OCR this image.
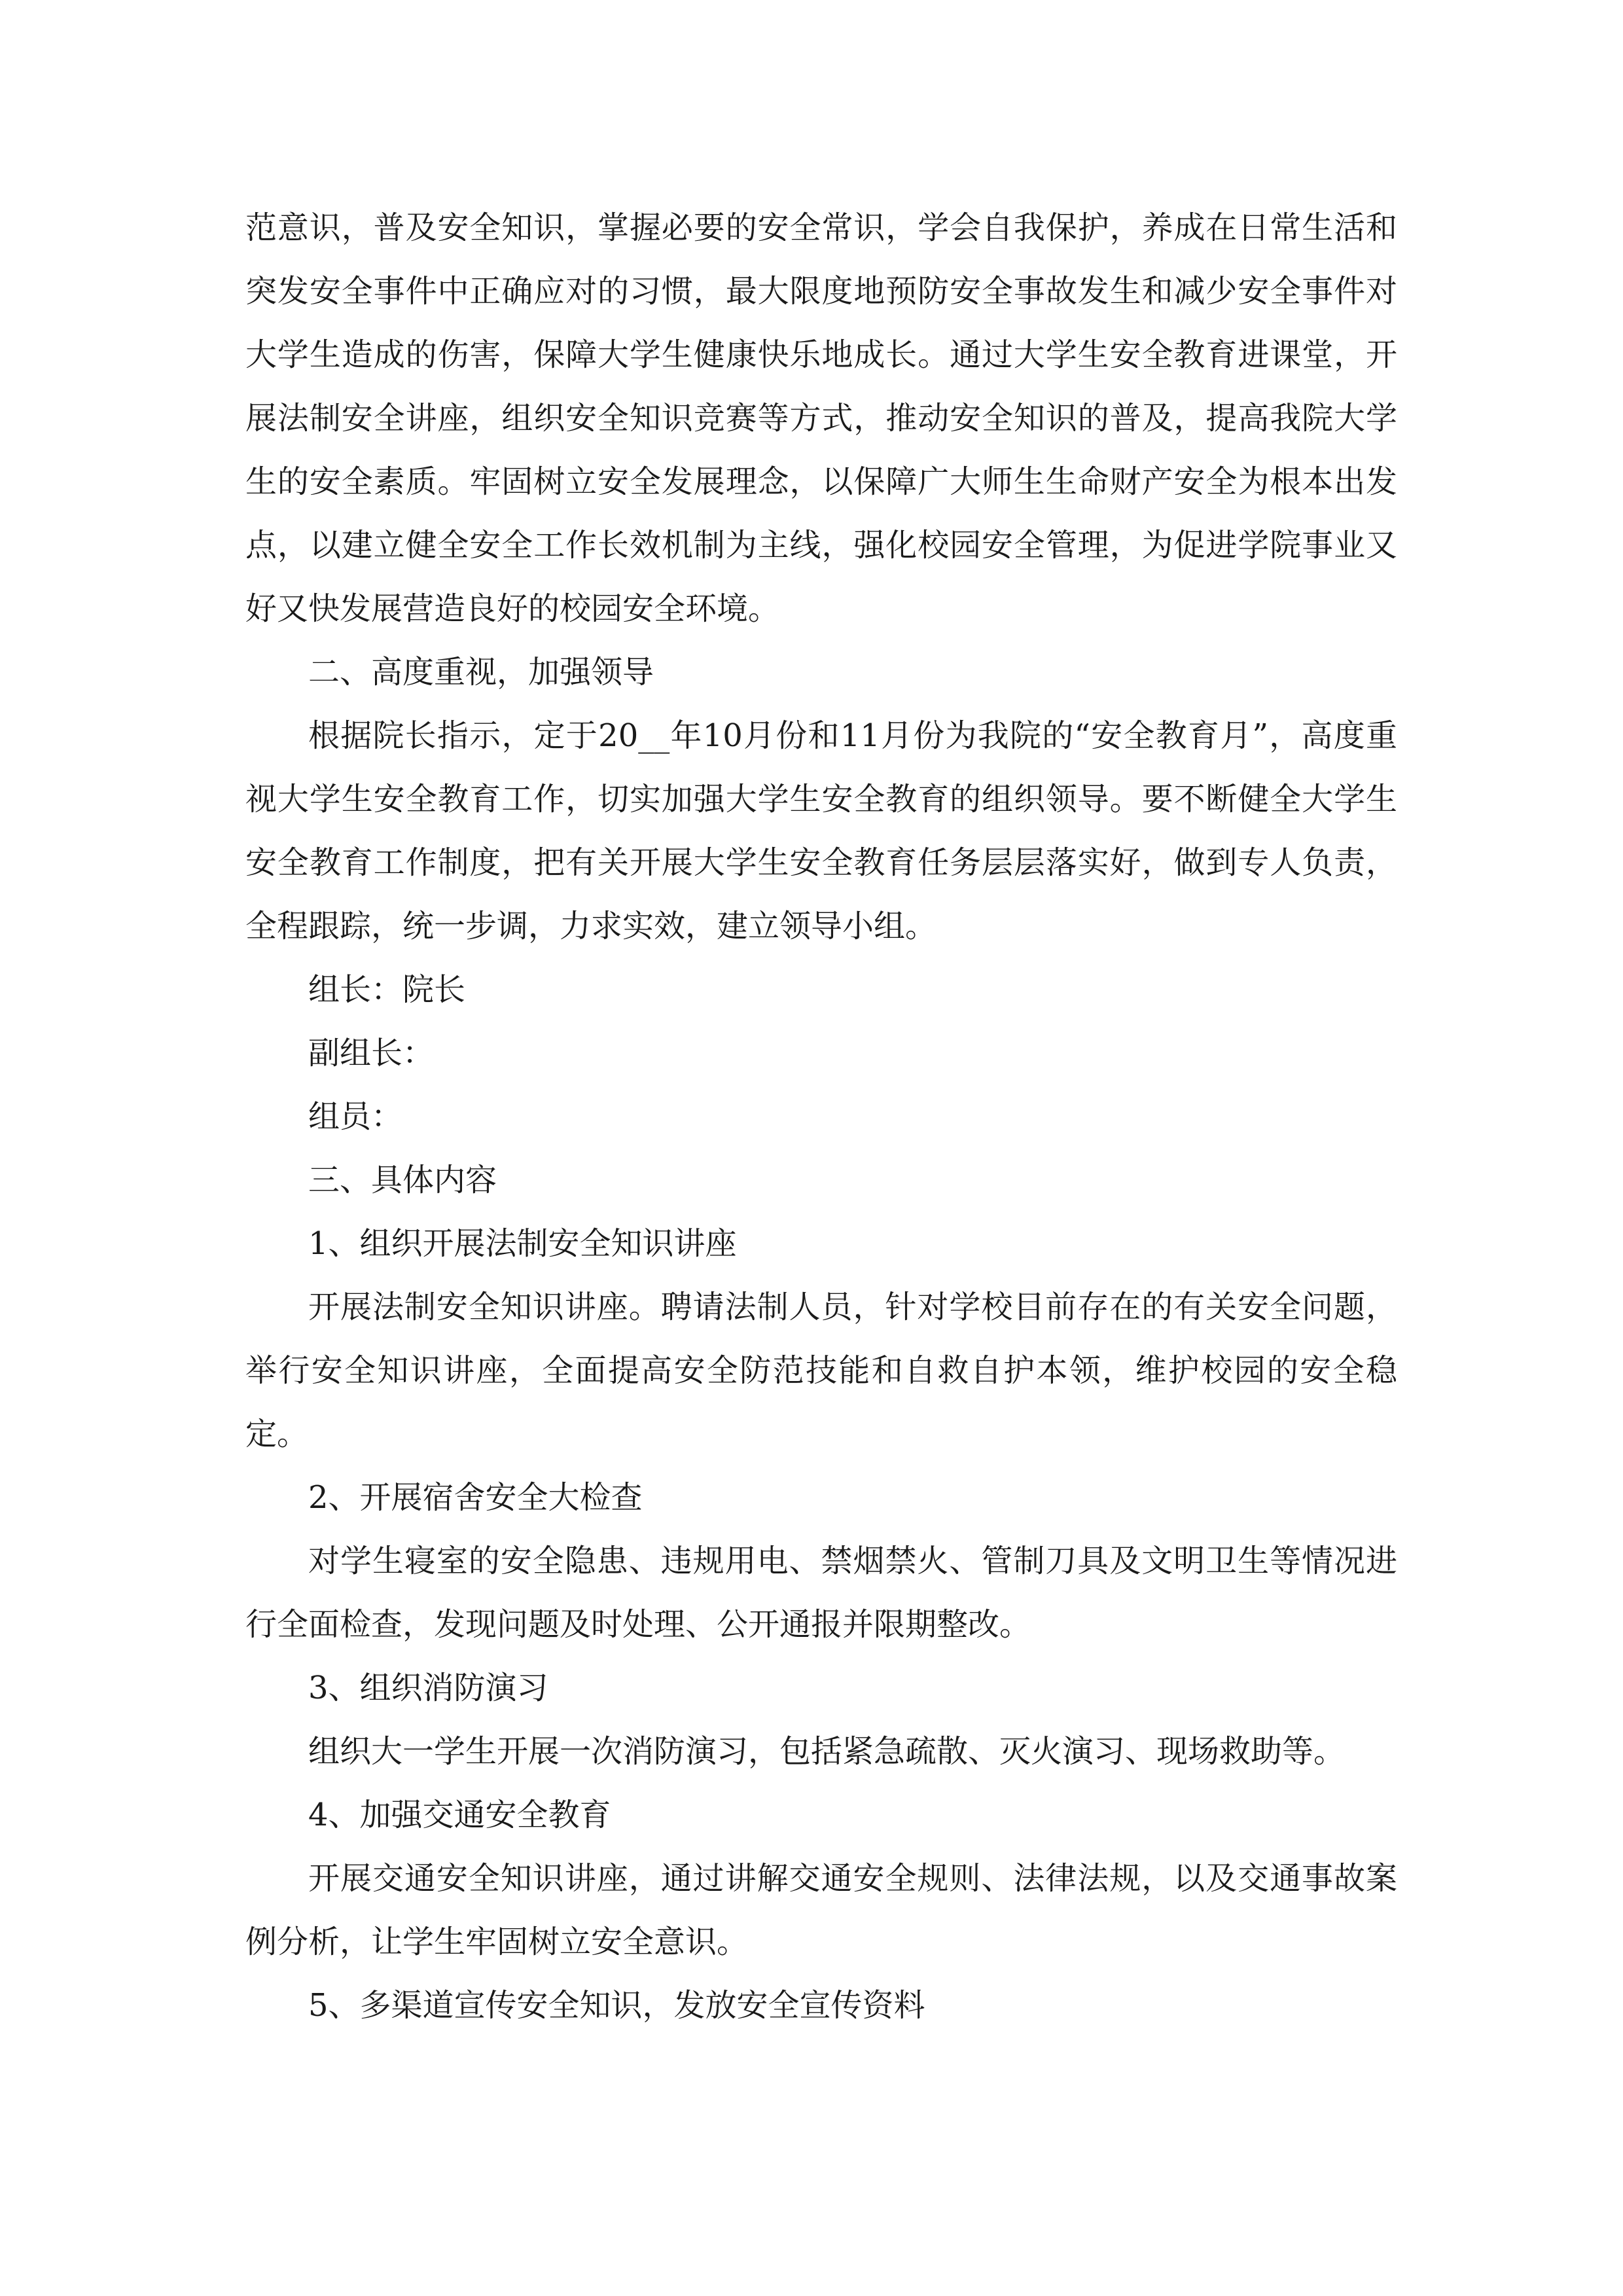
范意识，普及安全知识，掌握必要的安全常识，学会自我保护，养成在日常生活和突发安全事件中正确应对的习惯，最大限度地预防安全事故发生和减少安全事件对大学生造成的伤害，保障大学生健康快乐地成长。通过大学生安全教育进课堂，开展法制安全讲座，组织安全知识竞赛等方式，推动安全知识的普及，提高我院大学生的安全素质。牢固树立安全发展理念，以保障广大师生生命财产安全为根本出发点，以建立健全安全工作长效机制为主线，强化校园安全管理，为促进学院事业又好又快发展营造良好的校园安全环境。

二、高度重视，加强领导

根据院长指示，定于20__年10月份和11月份为我院的“安全教育月”，高度重视大学生安全教育工作，切实加强大学生安全教育的组织领导。要不断健全大学生安全教育工作制度，把有关开展大学生安全教育任务层层落实好，做到专人负责，全程跟踪，统一步调，力求实效，建立领导小组。

组长：院长

副组长：

组员：

三、具体内容

1、组织开展法制安全知识讲座

开展法制安全知识讲座。聘请法制人员，针对学校目前存在的有关安全问题，举行安全知识讲座，全面提高安全防范技能和自救自护本领，维护校园的安全稳定。

2、开展宿舍安全大检查

对学生寝室的安全隐患、违规用电、禁烟禁火、管制刀具及文明卫生等情况进行全面检查，发现问题及时处理、公开通报并限期整改。

3、组织消防演习

组织大一学生开展一次消防演习，包括紧急疏散、灭火演习、现场救助等。

4、加强交通安全教育

开展交通安全知识讲座，通过讲解交通安全规则、法律法规，以及交通事故案例分析，让学生牢固树立安全意识。

5、多渠道宣传安全知识，发放安全宣传资料
